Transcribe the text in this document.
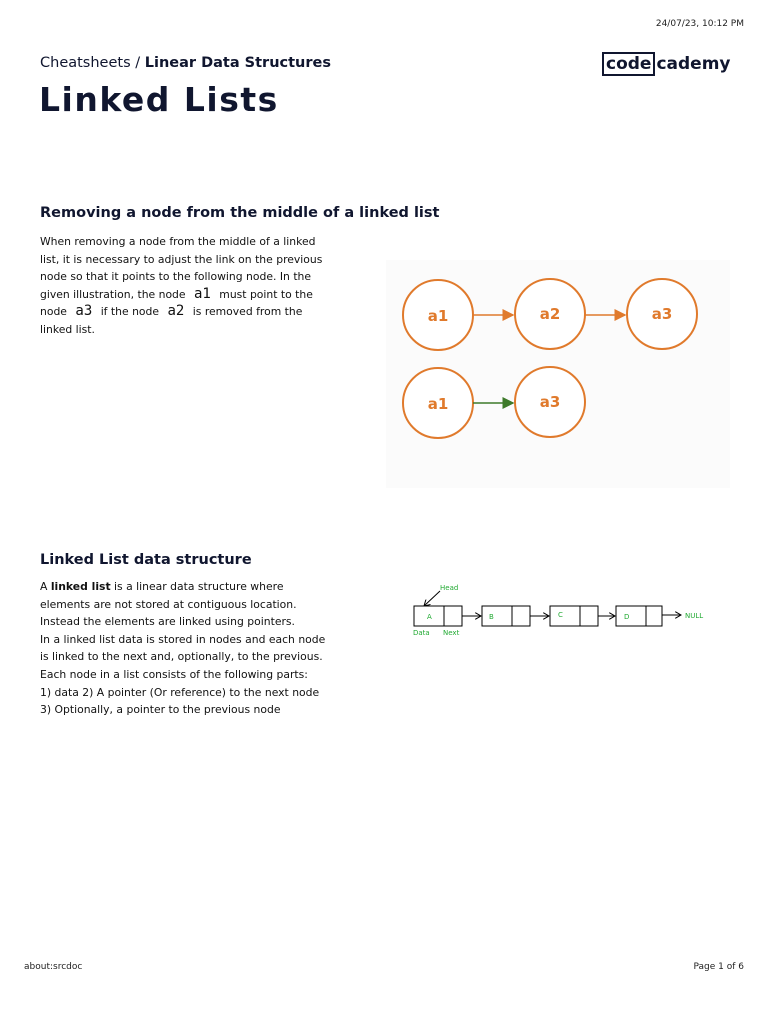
24/07/23, 10:12 PM
Cheatsheets / Linear Data Structures	code cademy
Linked Lists
Removing a node from the middle of a linked list

When removing a node from the middle of a linked list, it is necessary to adjust the link on the previous node so that it points to the following node. In the given illustration, the node a1 must point to the node a3 if the node a2 is removed from the linked list.

a1	a2	a3
a1	a3
Linked List data structure

A linked list is a linear data structure where elements are not stored at contiguous location. Instead the elements are linked using pointers.
In a linked list data is stored in nodes and each node is linked to the next and, optionally, to the previous.
Each node in a list consists of the following parts:
1) data 2) A pointer (Or reference) to the next node 3) Optionally, a pointer to the previous node

Head
A	B	C	D	NULL
Data Next
about:srcdoc	Page 1 of 6
